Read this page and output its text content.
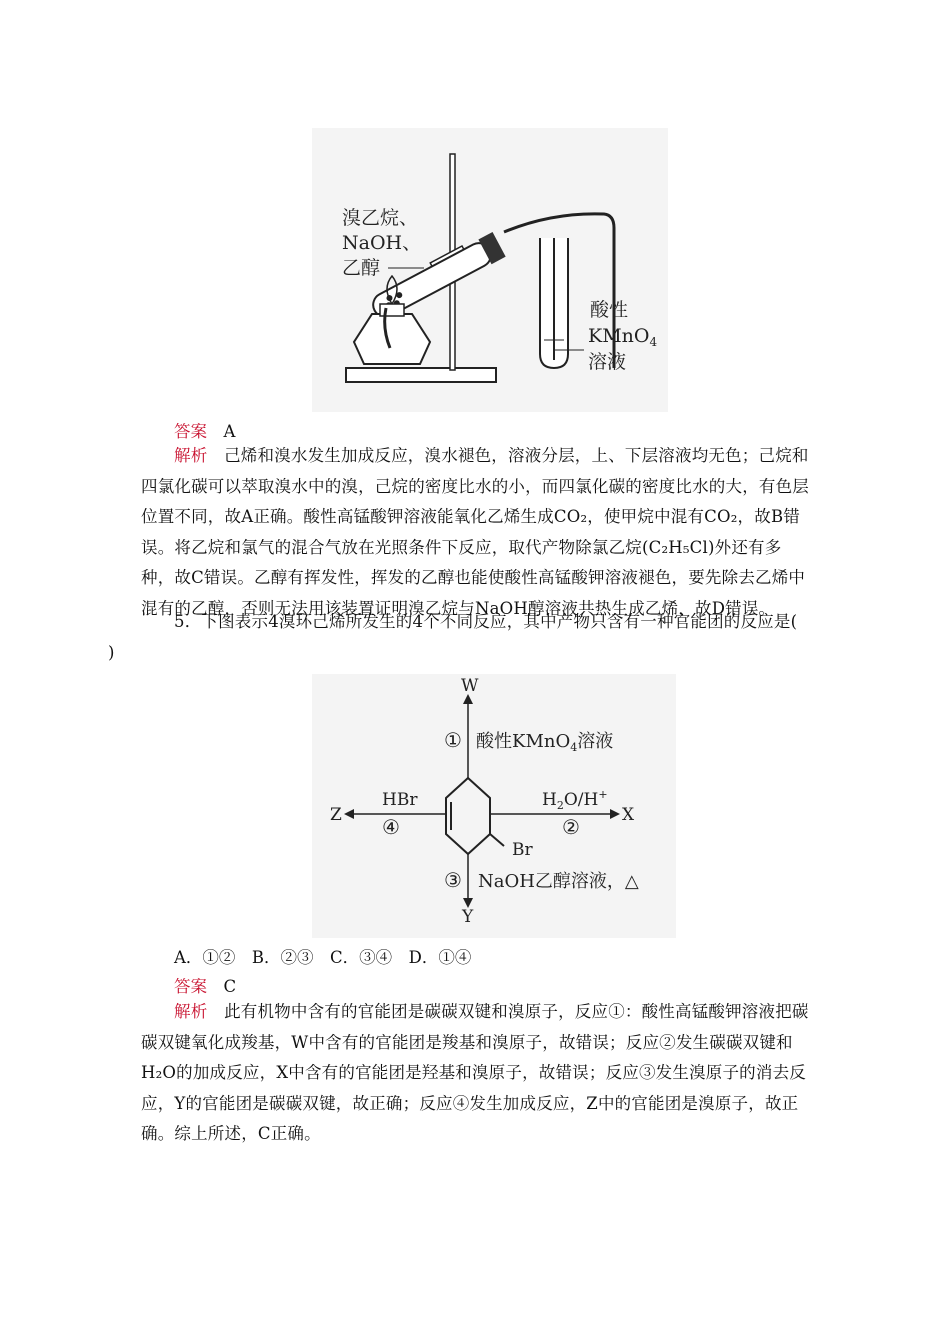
溴乙烷、
NaOH、
乙醇
酸性
KMnO$_4$
溶液
答案　 A
解析　 己烯和溴水发生加成反应，溴水褪色，溶液分层，上、下层溶液均无色；己烷和四氯化碳可以萃取溴水中的溴，己烷的密度比水的小，而四氯化碳的密度比水的大，有色层位置不同，故A正确。酸性高锰酸钾溶液能氧化乙烯生成CO₂，使甲烷中混有CO₂，故B错误。将乙烷和氯气的混合气放在光照条件下反应，取代产物除氯乙烷(C₂H₅Cl)外还有多种，故C错误。乙醇有挥发性，挥发的乙醇也能使酸性高锰酸钾溶液褪色，要先除去乙烯中混有的乙醇，否则无法用该装置证明溴乙烷与NaOH醇溶液共热生成乙烯，故D错误。
5．下图表示4溴环己烯所发生的4个不同反应，其中产物只含有一种官能团的反应是(
)
Br
W
① 酸性KMnO$_4$溶液
X
$H_2O/H^+$
②
Z
HBr
④
Y
③ NaOH乙醇溶液，△
A．①②　B．②③　C．③④　D．①④
答案　 C
解析　 此有机物中含有的官能团是碳碳双键和溴原子，反应①：酸性高锰酸钾溶液把碳碳双键氧化成羧基，W中含有的官能团是羧基和溴原子，故错误；反应②发生碳碳双键和H₂O的加成反应，X中含有的官能团是羟基和溴原子，故错误；反应③发生溴原子的消去反应，Y的官能团是碳碳双键，故正确；反应④发生加成反应，Z中的官能团是溴原子，故正确。综上所述，C正确。
